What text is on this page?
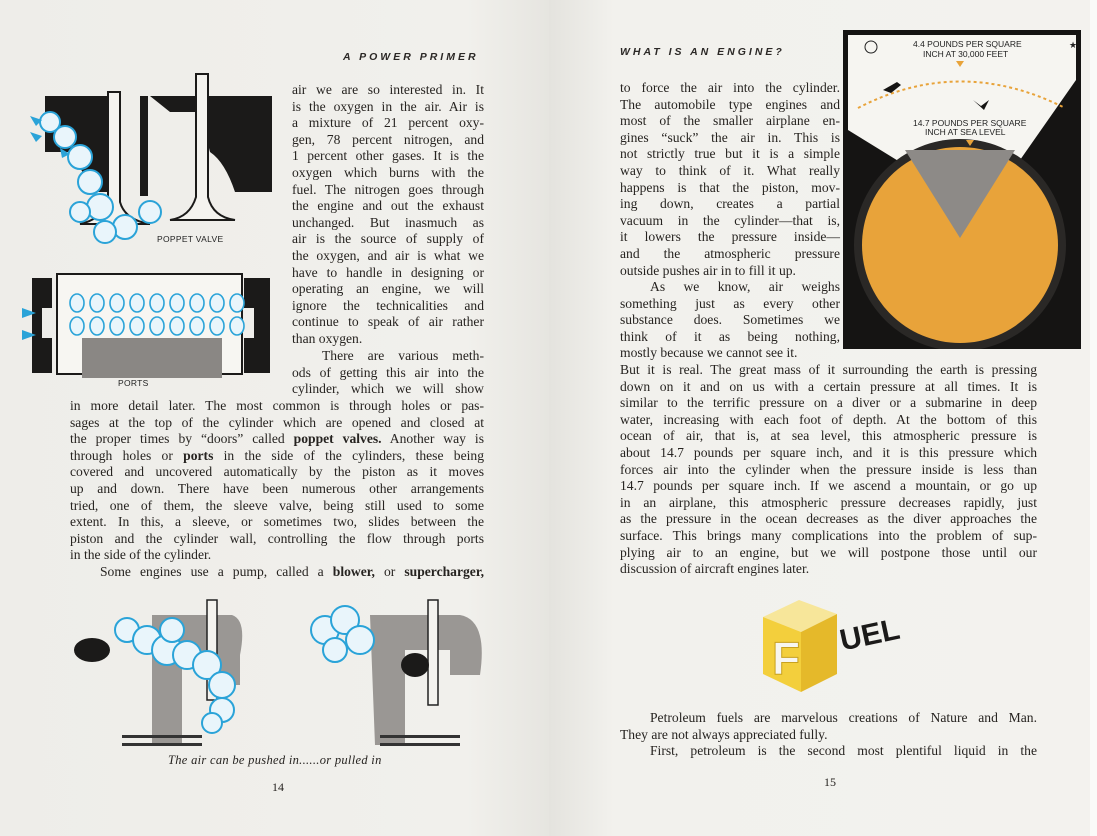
A POWER PRIMER
POPPET VALVE
PORTS
air we are so interested in. It
is the oxygen in the air. Air is
a mixture of 21 percent oxy-
gen, 78 percent nitrogen, and
1 percent other gases. It is the
oxygen which burns with the
fuel. The nitrogen goes through
the engine and out the exhaust
unchanged. But inasmuch as
air is the source of supply of
the oxygen, and air is what we
have to handle in designing or
operating an engine, we will
ignore the technicalities and
continue to speak of air rather
than oxygen.
There are various meth-
ods of getting this air into the
cylinder, which we will show
in more detail later. The most common is through holes or pas-
sages at the top of the cylinder which are opened and closed at
the proper times by “doors” called poppet valves. Another way is
through holes or ports in the side of the cylinders, these being
covered and uncovered automatically by the piston as it moves
up and down. There have been numerous other arrangements
tried, one of them, the sleeve valve, being still used to some
extent. In this, a sleeve, or sometimes two, slides between the
piston and the cylinder wall, controlling the flow through ports
in the side of the cylinder.
Some engines use a pump, called a blower, or supercharger,
The air can be pushed in......or pulled in
14
WHAT IS AN ENGINE?
4.4 POUNDS PER SQUARE
INCH AT 30,000 FEET
14.7 POUNDS PER SQUARE
INCH AT SEA LEVEL
★
to force the air into the cylinder.
The automobile type engines and
most of the smaller airplane en-
gines “suck” the air in. This is
not strictly true but it is a simple
way to think of it. What really
happens is that the piston, mov-
ing down, creates a partial
vacuum in the cylinder—that is,
it lowers the pressure inside—
and the atmospheric pressure
outside pushes air in to fill it up.
As we know, air weighs
something just as every other
substance does. Sometimes we
think of it as being nothing,
mostly because we cannot see it.
But it is real. The great mass of it surrounding the earth is pressing
down on it and on us with a certain pressure at all times. It is
similar to the terrific pressure on a diver or a submarine in deep
water, increasing with each foot of depth. At the bottom of this
ocean of air, that is, at sea level, this atmospheric pressure is
about 14.7 pounds per square inch, and it is this pressure which
forces air into the cylinder when the pressure inside is less than
14.7 pounds per square inch. If we ascend a mountain, or go up
in an airplane, this atmospheric pressure decreases rapidly, just
as the pressure in the ocean decreases as the diver approaches the
surface. This brings many complications into the problem of sup-
plying air to an engine, but we will postpone those until our
discussion of aircraft engines later.
F UEL
Petroleum fuels are marvelous creations of Nature and Man.
They are not always appreciated fully.
First, petroleum is the second most plentiful liquid in the
15
